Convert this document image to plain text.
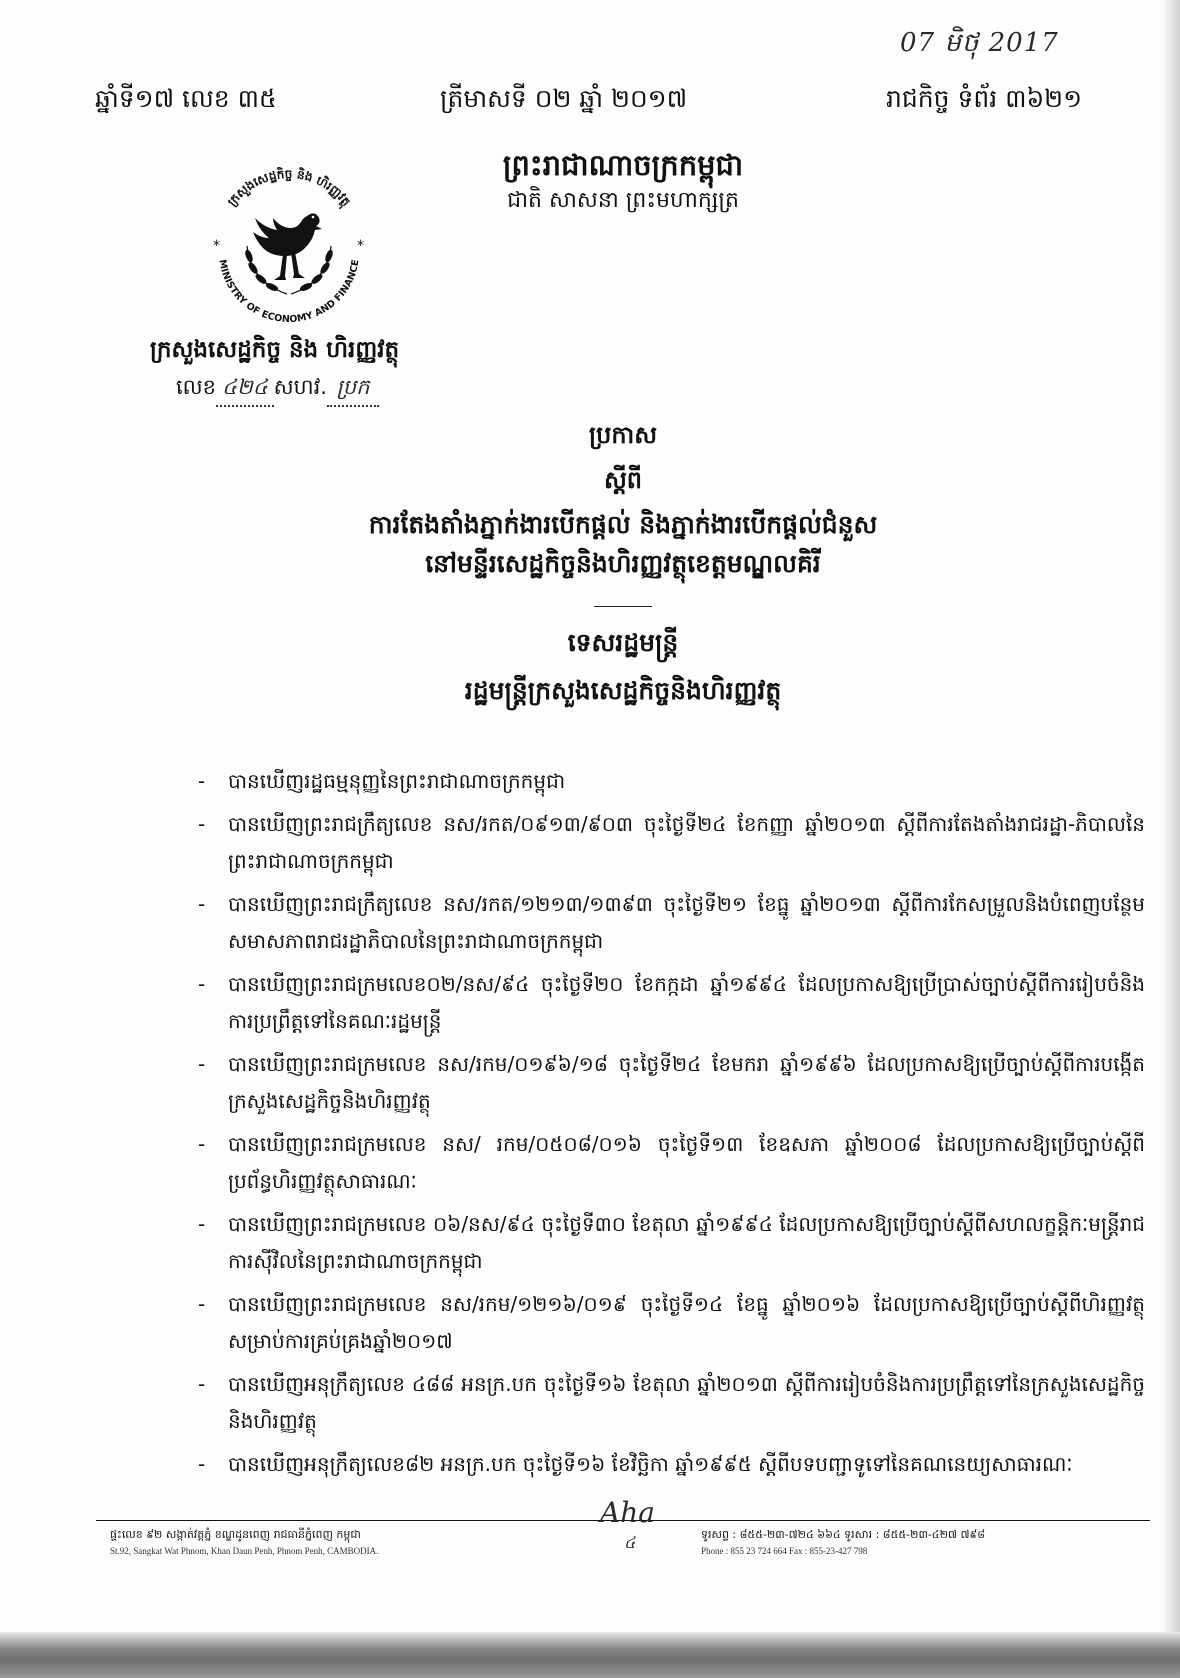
07 មិថុ 2017
ឆ្នាំទី១៧ លេខ ៣៥	ត្រីមាសទី ០២ ឆ្នាំ ២០១៧	រាជកិច្ច ទំព័រ ៣៦២១
ព្រះរាជាណាចក្រកម្ពុជា
ជាតិ សាសនា ព្រះមហាក្សត្រ
ក្រសួងសេដ្ឋកិច្ច និង ហិរញ្ញវត្ថុ
MINISTRY OF ECONOMY AND FINANCE
*	*
ក្រសួងសេដ្ឋកិច្ច និង ហិរញ្ញវត្ថុ
លេខ ៤២៤ សហវ. ប្រក
ប្រកាស
ស្តីពី
ការតែងតាំងភ្នាក់ងារបើកផ្តល់ និងភ្នាក់ងារបើកផ្តល់ជំនួស
នៅមន្ទីរសេដ្ឋកិច្ចនិងហិរញ្ញវត្ថុខេត្តមណ្ឌលគិរី
ទេសរដ្ឋមន្ត្រី
រដ្ឋមន្ត្រីក្រសួងសេដ្ឋកិច្ចនិងហិរញ្ញវត្ថុ
-	បានឃើញរដ្ឋធម្មនុញ្ញនៃព្រះរាជាណាចក្រកម្ពុជា
-	បានឃើញព្រះរាជក្រឹត្យលេខ នស/រកត/០៩១៣/៩០៣ ចុះថ្ងៃទី២៤ ខែកញ្ញា ឆ្នាំ២០១៣ ស្តីពីការតែងតាំងរាជរដ្ឋា-ភិបាលនៃព្រះរាជាណាចក្រកម្ពុជា
-	បានឃើញព្រះរាជក្រឹត្យលេខ នស/រកត/១២១៣/១៣៩៣ ចុះថ្ងៃទី២១ ខែធ្នូ ឆ្នាំ២០១៣ ស្តីពីការកែសម្រួលនិងបំពេញបន្ថែមសមាសភាពរាជរដ្ឋាភិបាលនៃព្រះរាជាណាចក្រកម្ពុជា
-	បានឃើញព្រះរាជក្រមលេខ០២/នស/៩៤ ចុះថ្ងៃទី២០ ខែកក្កដា ឆ្នាំ១៩៩៤ ដែលប្រកាសឱ្យប្រើប្រាស់ច្បាប់ស្តីពីការរៀបចំនិងការប្រព្រឹត្តទៅនៃគណៈរដ្ឋមន្ត្រី
-	បានឃើញព្រះរាជក្រមលេខ នស/រកម/០១៩៦/១៨ ចុះថ្ងៃទី២៤ ខែមករា ឆ្នាំ១៩៩៦ ដែលប្រកាសឱ្យប្រើច្បាប់ស្តីពីការបង្កើតក្រសួងសេដ្ឋកិច្ចនិងហិរញ្ញវត្ថុ
-	បានឃើញព្រះរាជក្រមលេខ នស/ រកម/០៥០៨/០១៦ ចុះថ្ងៃទី១៣ ខែឧសភា ឆ្នាំ២០០៨ ដែលប្រកាសឱ្យប្រើច្បាប់ស្តីពីប្រព័ន្ធហិរញ្ញវត្ថុសាធារណៈ
-	បានឃើញព្រះរាជក្រមលេខ ០៦/នស/៩៤ ចុះថ្ងៃទី៣០ ខែតុលា ឆ្នាំ១៩៩៤ ដែលប្រកាសឱ្យប្រើច្បាប់ស្តីពីសហលក្ខន្តិកៈមន្ត្រីរាជការស៊ីវិលនៃព្រះរាជាណាចក្រកម្ពុជា
-	បានឃើញព្រះរាជក្រមលេខ នស/រកម/១២១៦/០១៩ ចុះថ្ងៃទី១៤ ខែធ្នូ ឆ្នាំ២០១៦ ដែលប្រកាសឱ្យប្រើច្បាប់ស្តីពីហិរញ្ញវត្ថុសម្រាប់ការគ្រប់គ្រងឆ្នាំ២០១៧
-	បានឃើញអនុក្រឹត្យលេខ ៤៨៨ អនក្រ.បក ចុះថ្ងៃទី១៦ ខែតុលា ឆ្នាំ២០១៣ ស្តីពីការរៀបចំនិងការប្រព្រឹត្តទៅនៃក្រសួងសេដ្ឋកិច្ចនិងហិរញ្ញវត្ថុ
-	បានឃើញអនុក្រឹត្យលេខ៨២ អនក្រ.បក ចុះថ្ងៃទី១៦ ខែវិច្ឆិកា ឆ្នាំ១៩៩៥ ស្តីពីបទបញ្ជាទូទៅនៃគណនេយ្យសាធារណៈ
ផ្ទះលេខ ៩២ សង្កាត់វត្តភ្នំ ខណ្ឌដូនពេញ រាជធានីភ្នំពេញ កម្ពុជា
St.92, Sangkat Wat Phnom, Khan Daun Penh, Phnom Penh, CAMBODIA.
Aha
៤	ទូរសព្ទ : ៨៥៥-២៣-៧២៤ ៦៦៤ ទូរសារ : ៨៥៥-២៣-៤២៧ ៧៩៨
Phone : 855 23 724 664 Fax : 855-23-427 798
